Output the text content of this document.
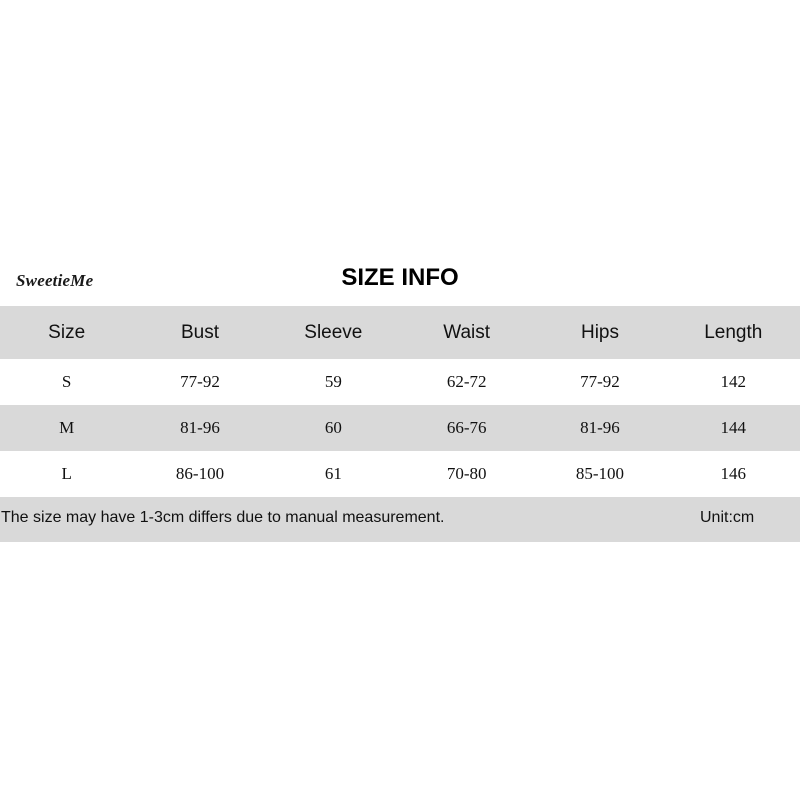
SweetieMe	SIZE INFO
Size	Bust	Sleeve	Waist	Hips	Length
S	77-92	59	62-72	77-92	142
M	81-96	60	66-76	81-96	144
L	86-100	61	70-80	85-100	146
The size may have 1-3cm differs due to manual measurement.	Unit:cm
